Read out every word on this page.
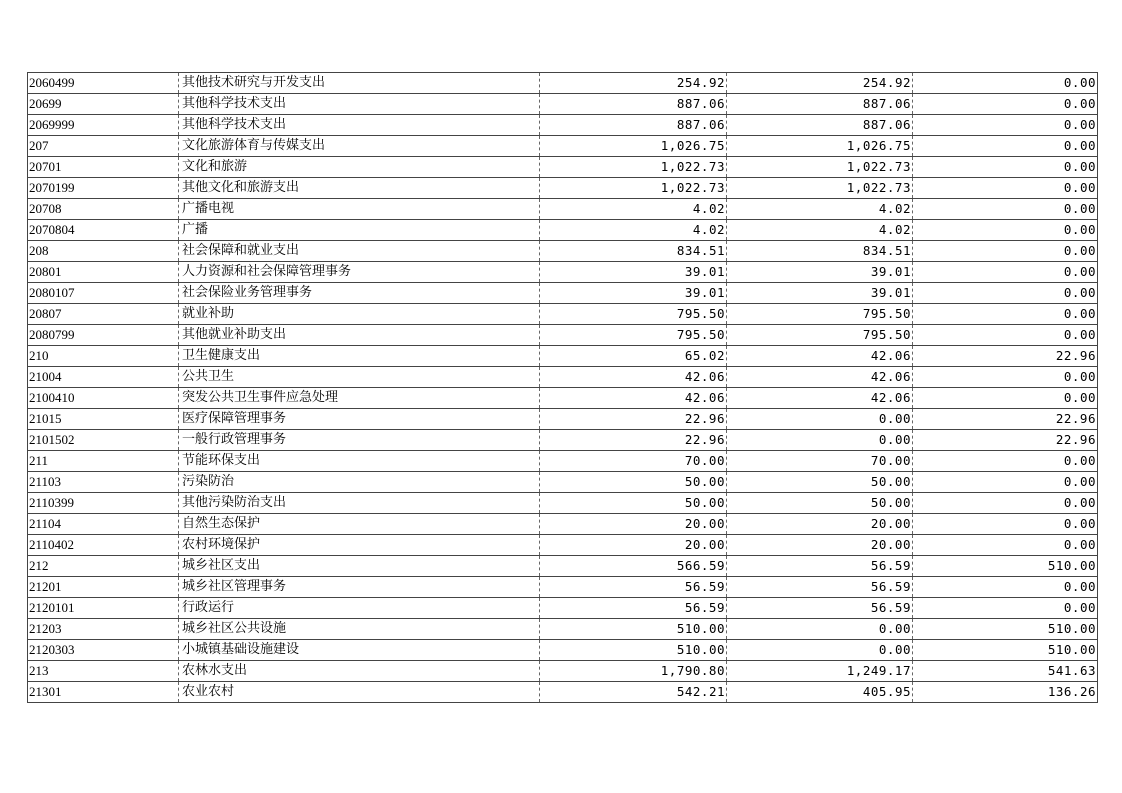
2060499	其他技术研究与开发支出	254.92	254.92	0.00
20699	其他科学技术支出	887.06	887.06	0.00
2069999	其他科学技术支出	887.06	887.06	0.00
207	文化旅游体育与传媒支出	1,026.75	1,026.75	0.00
20701	文化和旅游	1,022.73	1,022.73	0.00
2070199	其他文化和旅游支出	1,022.73	1,022.73	0.00
20708	广播电视	4.02	4.02	0.00
2070804	广播	4.02	4.02	0.00
208	社会保障和就业支出	834.51	834.51	0.00
20801	人力资源和社会保障管理事务	39.01	39.01	0.00
2080107	社会保险业务管理事务	39.01	39.01	0.00
20807	就业补助	795.50	795.50	0.00
2080799	其他就业补助支出	795.50	795.50	0.00
210	卫生健康支出	65.02	42.06	22.96
21004	公共卫生	42.06	42.06	0.00
2100410	突发公共卫生事件应急处理	42.06	42.06	0.00
21015	医疗保障管理事务	22.96	0.00	22.96
2101502	一般行政管理事务	22.96	0.00	22.96
211	节能环保支出	70.00	70.00	0.00
21103	污染防治	50.00	50.00	0.00
2110399	其他污染防治支出	50.00	50.00	0.00
21104	自然生态保护	20.00	20.00	0.00
2110402	农村环境保护	20.00	20.00	0.00
212	城乡社区支出	566.59	56.59	510.00
21201	城乡社区管理事务	56.59	56.59	0.00
2120101	行政运行	56.59	56.59	0.00
21203	城乡社区公共设施	510.00	0.00	510.00
2120303	小城镇基础设施建设	510.00	0.00	510.00
213	农林水支出	1,790.80	1,249.17	541.63
21301	农业农村	542.21	405.95	136.26
